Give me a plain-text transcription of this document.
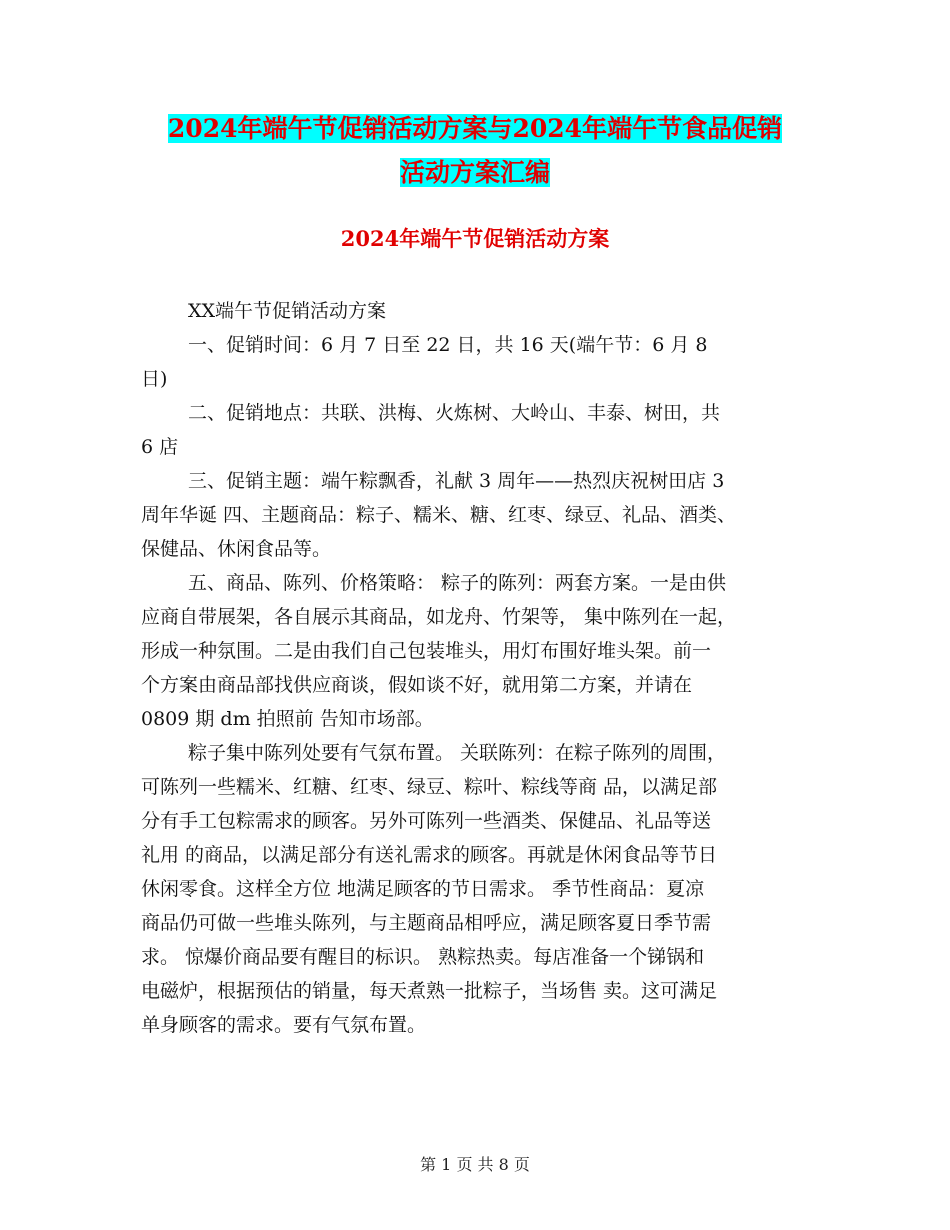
2024年端午节促销活动方案与2024年端午节食品促销
活动方案汇编
2024年端午节促销活动方案

XX端午节促销活动方案

一、促销时间：6 月 7 日至 22 日，共 16 天(端午节：6 月 8

日)

二、促销地点：共联、洪梅、火炼树、大岭山、丰泰、树田，共

6 店

三、促销主题：端午粽飘香，礼献 3 周年——热烈庆祝树田店 3

周年华诞 四、主题商品：粽子、糯米、糖、红枣、绿豆、礼品、酒类、

保健品、休闲食品等。

五、商品、陈列、价格策略： 粽子的陈列：两套方案。一是由供

应商自带展架，各自展示其商品，如龙舟、竹架等， 集中陈列在一起，

形成一种氛围。二是由我们自己包装堆头，用灯布围好堆头架。前一

个方案由商品部找供应商谈，假如谈不好，就用第二方案，并请在

0809 期 dm 拍照前 告知市场部。

粽子集中陈列处要有气氛布置。 关联陈列：在粽子陈列的周围，

可陈列一些糯米、红糖、红枣、绿豆、粽叶、粽线等商 品，以满足部

分有手工包粽需求的顾客。另外可陈列一些酒类、保健品、礼品等送

礼用 的商品，以满足部分有送礼需求的顾客。再就是休闲食品等节日

休闲零食。这样全方位 地满足顾客的节日需求。 季节性商品：夏凉

商品仍可做一些堆头陈列，与主题商品相呼应，满足顾客夏日季节需

求。 惊爆价商品要有醒目的标识。 熟粽热卖。每店准备一个锑锅和

电磁炉，根据预估的销量，每天煮熟一批粽子，当场售 卖。这可满足

单身顾客的需求。要有气氛布置。

第 1 页 共 8 页
